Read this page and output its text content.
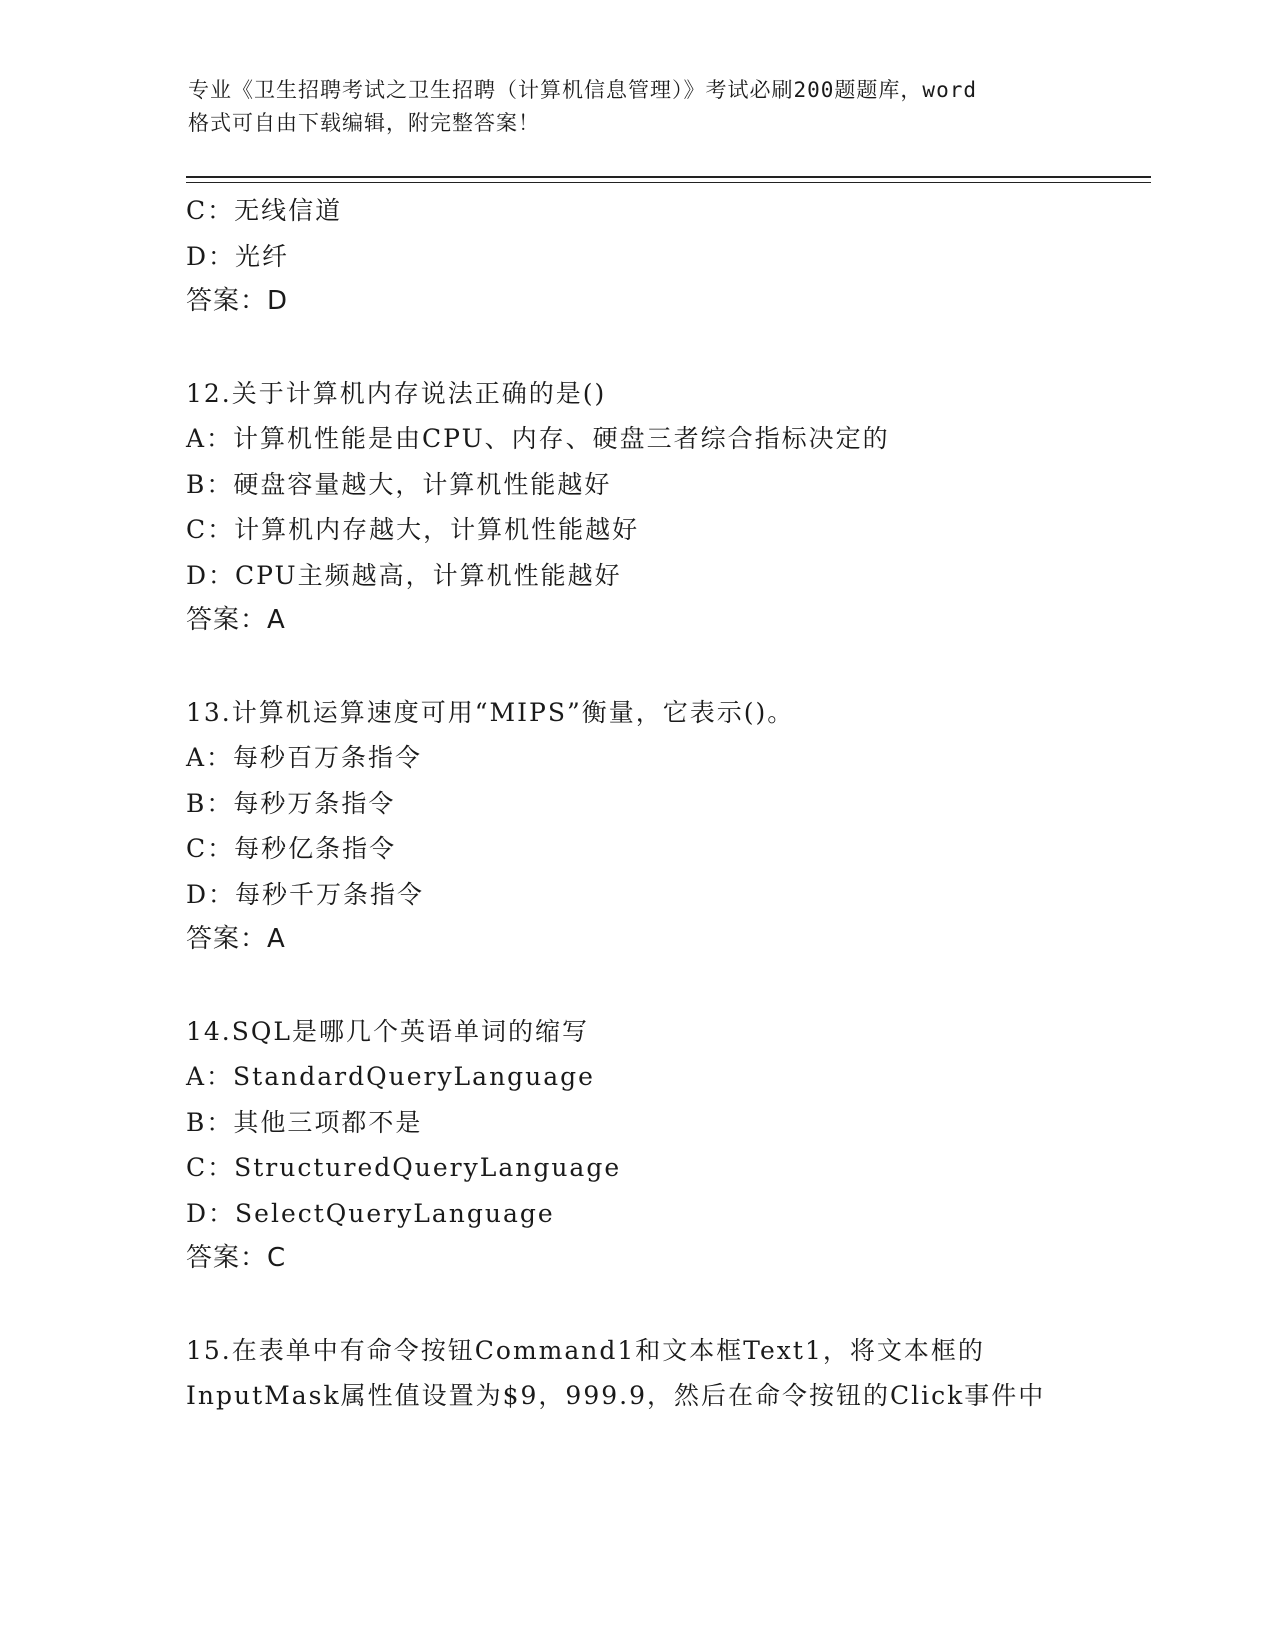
专业《卫生招聘考试之卫生招聘（计算机信息管理）》考试必刷200题题库，word
格式可自由下载编辑，附完整答案！
C：无线信道
D：光纤
答案：D
12.关于计算机内存说法正确的是()
A：计算机性能是由CPU、内存、硬盘三者综合指标决定的
B：硬盘容量越大，计算机性能越好
C：计算机内存越大，计算机性能越好
D：CPU主频越高，计算机性能越好
答案：A
13.计算机运算速度可用“MIPS”衡量，它表示()。
A：每秒百万条指令
B：每秒万条指令
C：每秒亿条指令
D：每秒千万条指令
答案：A
14.SQL是哪几个英语单词的缩写
A：StandardQueryLanguage
B：其他三项都不是
C：StructuredQueryLanguage
D：SelectQueryLanguage
答案：C
15.在表单中有命令按钮Command1和文本框Text1，将文本框的
InputMask属性值设置为$9，999.9，然后在命令按钮的Click事件中
